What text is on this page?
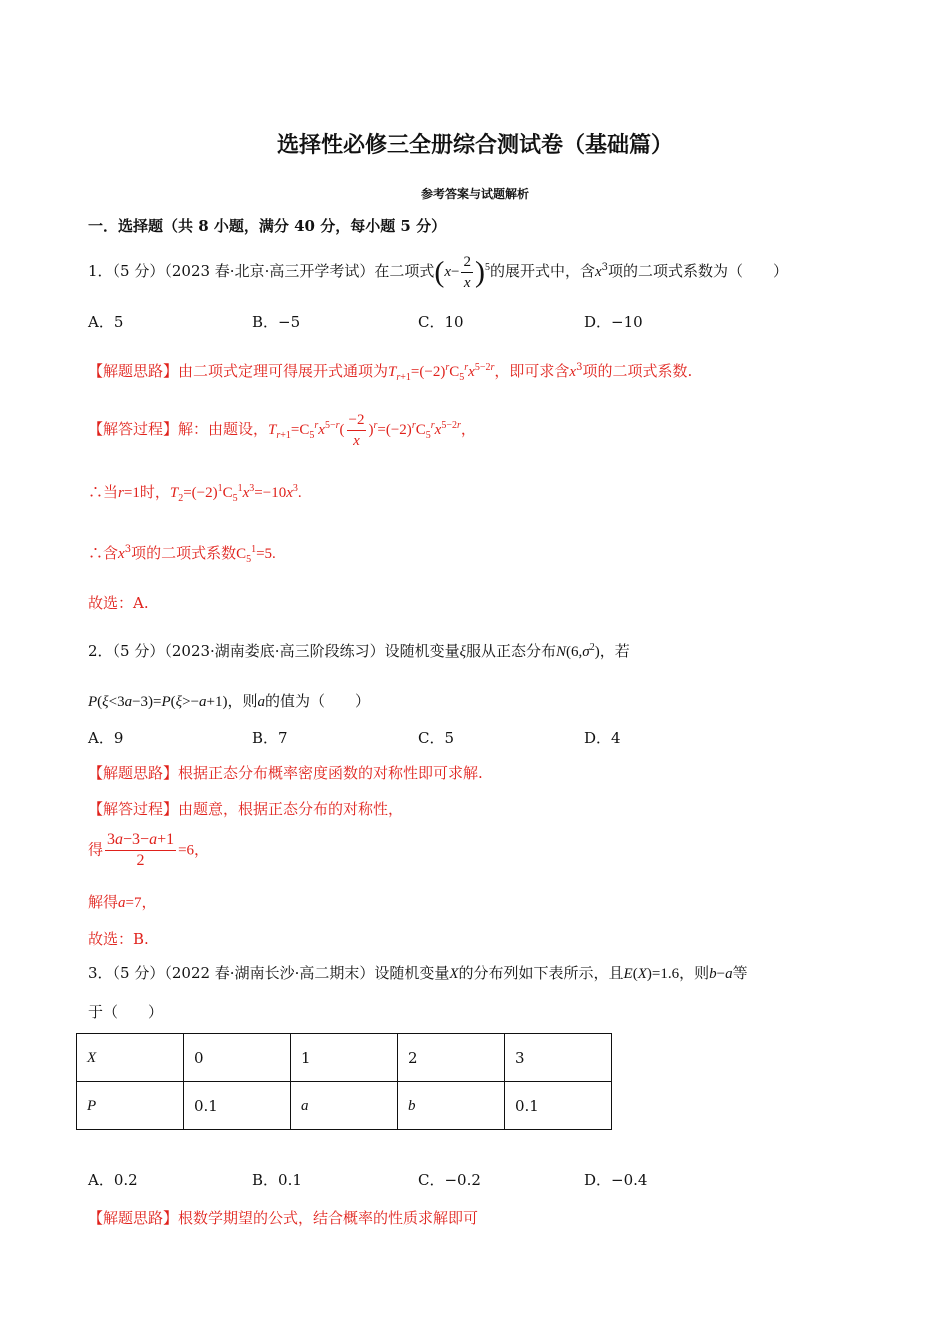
选择性必修三全册综合测试卷（基础篇）
参考答案与试题解析
一．选择题（共 8 小题，满分 40 分，每小题 5 分）
1．（5 分）（2023 春·北京·高三开学考试）在二项式$(x- \frac{2}{x} )^5$的展开式中，含$x^3$项的二项式系数为（　　）
A．5	B．−5	C．10	D．−10
【解题思路】由二项式定理可得展开式通项为$T_{r+1}=(-2)^rC_5^rx^{5-2r}$，即可求含$x^3$项的二项式系数.
【解答过程】解：由题设，$T_{r+1}=C_5^rx^{5-r}( \frac{-2}{x} )^r=(-2)^rC_5^rx^{5-2r}$，
∴当r=1时，$T_2=(-2)^1C_5^1x^3=-10x^3$.
∴含$x^3$项的二项式系数$C_5^1=5$.
故选：A.
2．（5 分）（2023·湖南娄底·高三阶段练习）设随机变量ξ服从正态分布$N(6,\sigma^2)$，若
P(ξ<3a−3)=P(ξ>−a+1)，则a的值为（　　）
A．9	B．7	C．5	D．4
【解题思路】根据正态分布概率密度函数的对称性即可求解.
【解答过程】由题意，根据正态分布的对称性，
得 $\frac{3a-3-a+1}{2} =6$，
解得a=7，
故选：B.
3．（5 分）（2022 春·湖南长沙·高二期末）设随机变量X的分布列如下表所示，且E(X)=1.6，则b−a等
于（　　）
X	0	1	2	3
P	0.1	a	b	0.1
A．0.2	B．0.1	C．−0.2	D．−0.4
【解题思路】根数学期望的公式，结合概率的性质求解即可
